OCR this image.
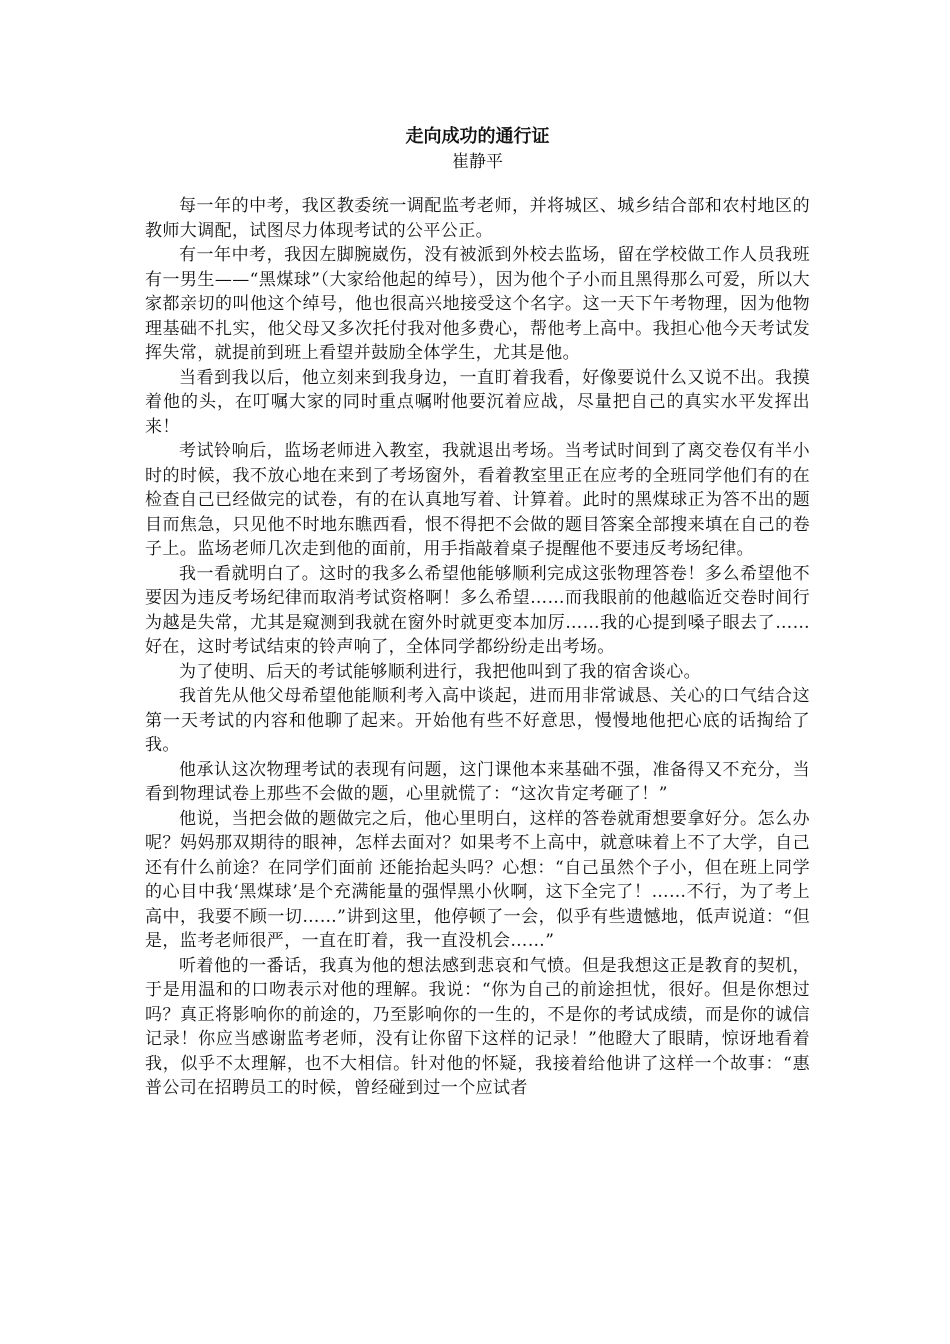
走向成功的通行证

崔静平

每一年的中考，我区教委统一调配监考老师，并将城区、城乡结合部和农村地区的教师大调配，试图尽力体现考试的公平公正。

有一年中考，我因左脚腕崴伤，没有被派到外校去监场，留在学校做工作人员我班有一男生——“黑煤球”（大家给他起的绰号），因为他个子小而且黑得那么可爱，所以大家都亲切的叫他这个绰号，他也很高兴地接受这个名字。这一天下午考物理，因为他物理基础不扎实，他父母又多次托付我对他多费心，帮他考上高中。我担心他今天考试发挥失常，就提前到班上看望并鼓励全体学生，尤其是他。

当看到我以后，他立刻来到我身边，一直盯着我看，好像要说什么又说不出。我摸着他的头，在叮嘱大家的同时重点嘱咐他要沉着应战，尽量把自己的真实水平发挥出来！

考试铃响后，监场老师进入教室，我就退出考场。当考试时间到了离交卷仅有半小时的时候，我不放心地在来到了考场窗外，看着教室里正在应考的全班同学他们有的在检查自己已经做完的试卷，有的在认真地写着、计算着。此时的黑煤球正为答不出的题目而焦急，只见他不时地东瞧西看，恨不得把不会做的题目答案全部搜来填在自己的卷子上。监场老师几次走到他的面前，用手指敲着桌子提醒他不要违反考场纪律。

我一看就明白了。这时的我多么希望他能够顺利完成这张物理答卷！多么希望他不要因为违反考场纪律而取消考试资格啊！多么希望……而我眼前的他越临近交卷时间行为越是失常，尤其是窥测到我就在窗外时就更变本加厉……我的心提到嗓子眼去了……好在，这时考试结束的铃声响了，全体同学都纷纷走出考场。

为了使明、后天的考试能够顺利进行，我把他叫到了我的宿舍谈心。

我首先从他父母希望他能顺利考入高中谈起，进而用非常诚恳、关心的口气结合这第一天考试的内容和他聊了起来。开始他有些不好意思，慢慢地他把心底的话掏给了我。

他承认这次物理考试的表现有问题，这门课他本来基础不强，准备得又不充分，当看到物理试卷上那些不会做的题，心里就慌了：“这次肯定考砸了！”

他说，当把会做的题做完之后，他心里明白，这样的答卷就甭想要拿好分。怎么办呢？妈妈那双期待的眼神，怎样去面对？如果考不上高中，就意味着上不了大学，自己还有什么前途？在同学们面前 还能抬起头吗？心想：“自己虽然个子小，但在班上同学的心目中我‘黑煤球’是个充满能量的强悍黑小伙啊，这下全完了！……不行，为了考上高中，我要不顾一切……”讲到这里，他停顿了一会，似乎有些遗憾地，低声说道：“但是，监考老师很严，一直在盯着，我一直没机会……”

听着他的一番话，我真为他的想法感到悲哀和气愤。但是我想这正是教育的契机，于是用温和的口吻表示对他的理解。我说：“你为自己的前途担忧，很好。但是你想过吗？真正将影响你的前途的，乃至影响你的一生的，不是你的考试成绩，而是你的诚信记录！你应当感谢监考老师，没有让你留下这样的记录！”他瞪大了眼睛，惊讶地看着我，似乎不太理解，也不大相信。针对他的怀疑，我接着给他讲了这样一个故事：“惠普公司在招聘员工的时候，曾经碰到过一个应试者
